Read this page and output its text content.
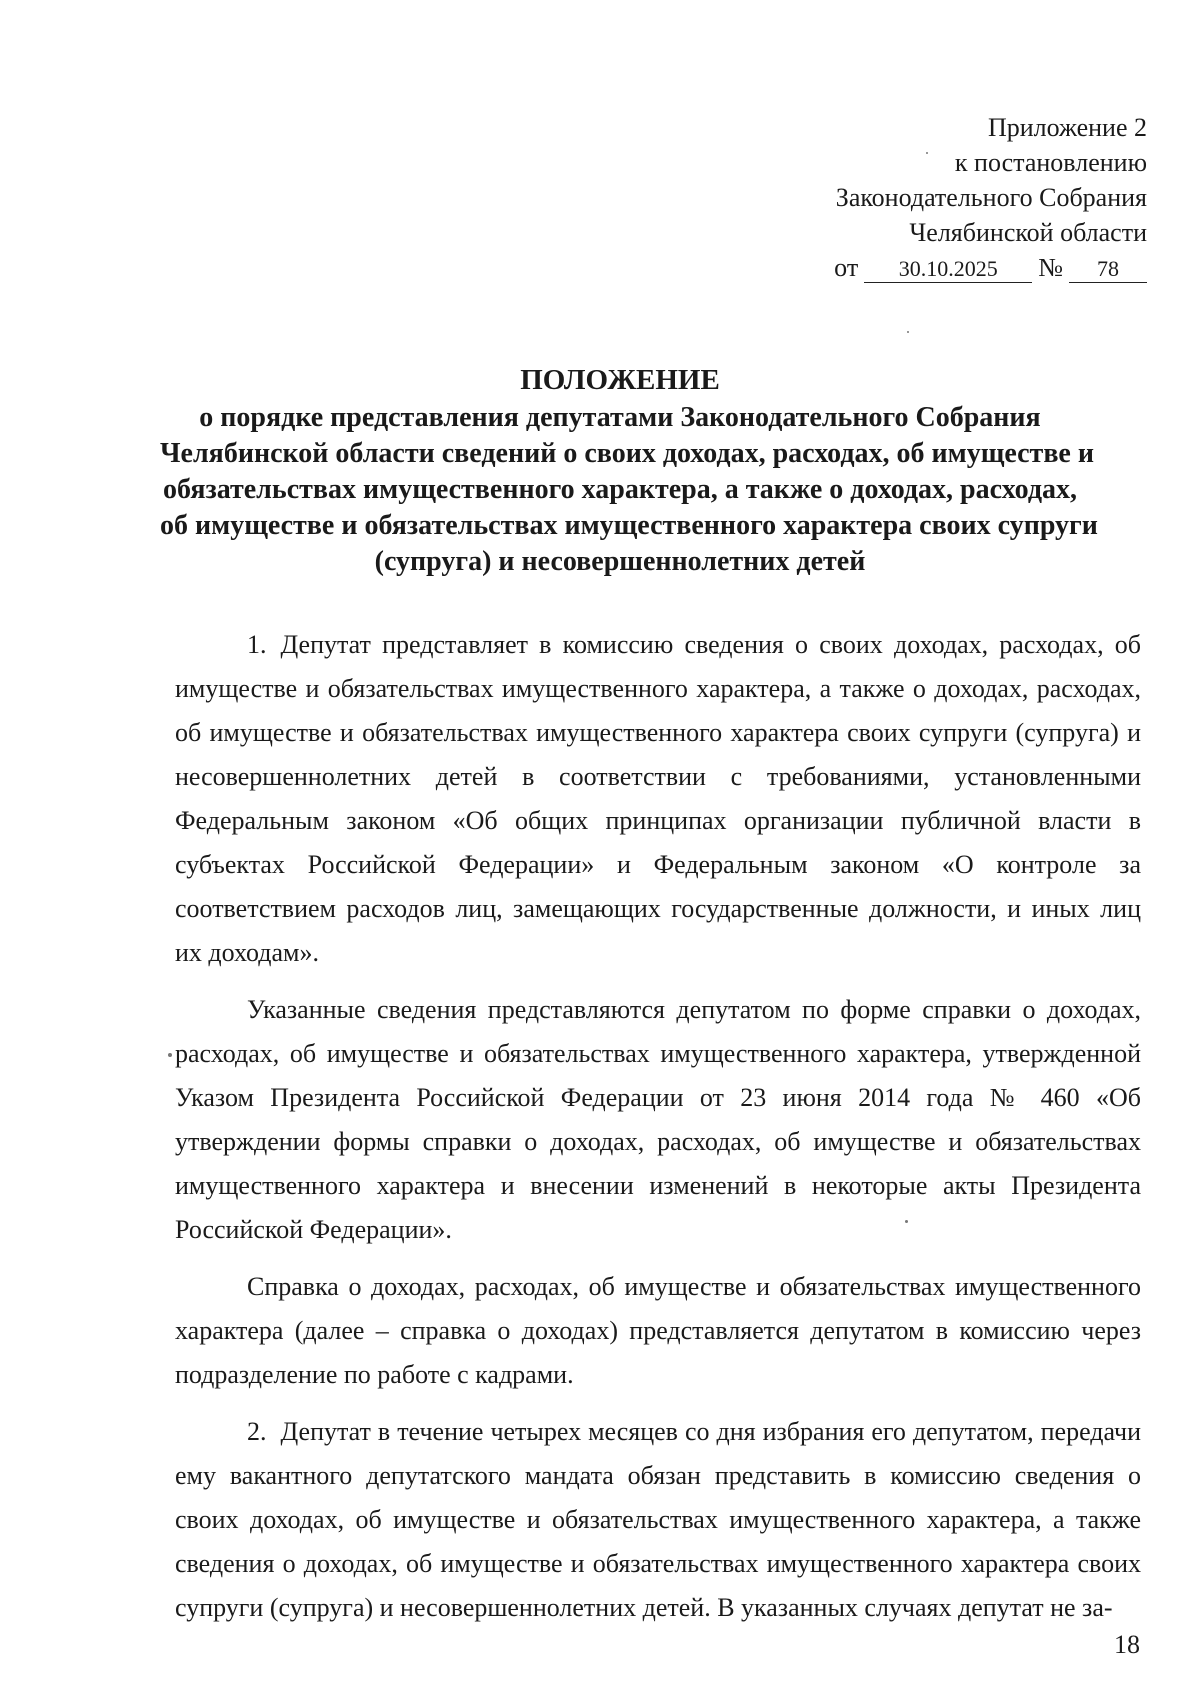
Приложение 2
к постановлению
Законодательного Собрания
Челябинской области
от 30.10.2025 № 78
ПОЛОЖЕНИЕ
о порядке представления депутатами Законодательного Собрания
Челябинской области сведений о своих доходах, расходах, об имуществе и
обязательствах имущественного характера, а также о доходах, расходах,
об имуществе и обязательствах имущественного характера своих супруги
(супруга) и несовершеннолетних детей

1. Депутат представляет в комиссию сведения о своих доходах, расходах, об имуществе и обязательствах имущественного характера, а также о доходах, расходах, об имуществе и обязательствах имущественного характера своих супруги (супруга) и несовершеннолетних детей в соответствии с требованиями, установленными Федеральным законом «Об общих принципах организации публичной власти в субъектах Российской Федерации» и Федеральным законом «О контроле за соответствием расходов лиц, замещающих государственные должности, и иных лиц их доходам».

Указанные сведения представляются депутатом по форме справки о доходах, расходах, об имуществе и обязательствах имущественного характера, утвержденной Указом Президента Российской Федерации от 23 июня 2014 года № 460 «Об утверждении формы справки о доходах, расходах, об имуществе и обязательствах имущественного характера и внесении изменений в некоторые акты Президента Российской Федерации».

Справка о доходах, расходах, об имуществе и обязательствах имущественного характера (далее – справка о доходах) представляется депутатом в комиссию через подразделение по работе с кадрами.

2. Депутат в течение четырех месяцев со дня избрания его депутатом, передачи ему вакантного депутатского мандата обязан представить в комиссию сведения о своих доходах, об имуществе и обязательствах имущественного характера, а также сведения о доходах, об имуществе и обязательствах имущественного характера своих супруги (супруга) и несовершеннолетних детей. В указанных случаях депутат не за-

18
